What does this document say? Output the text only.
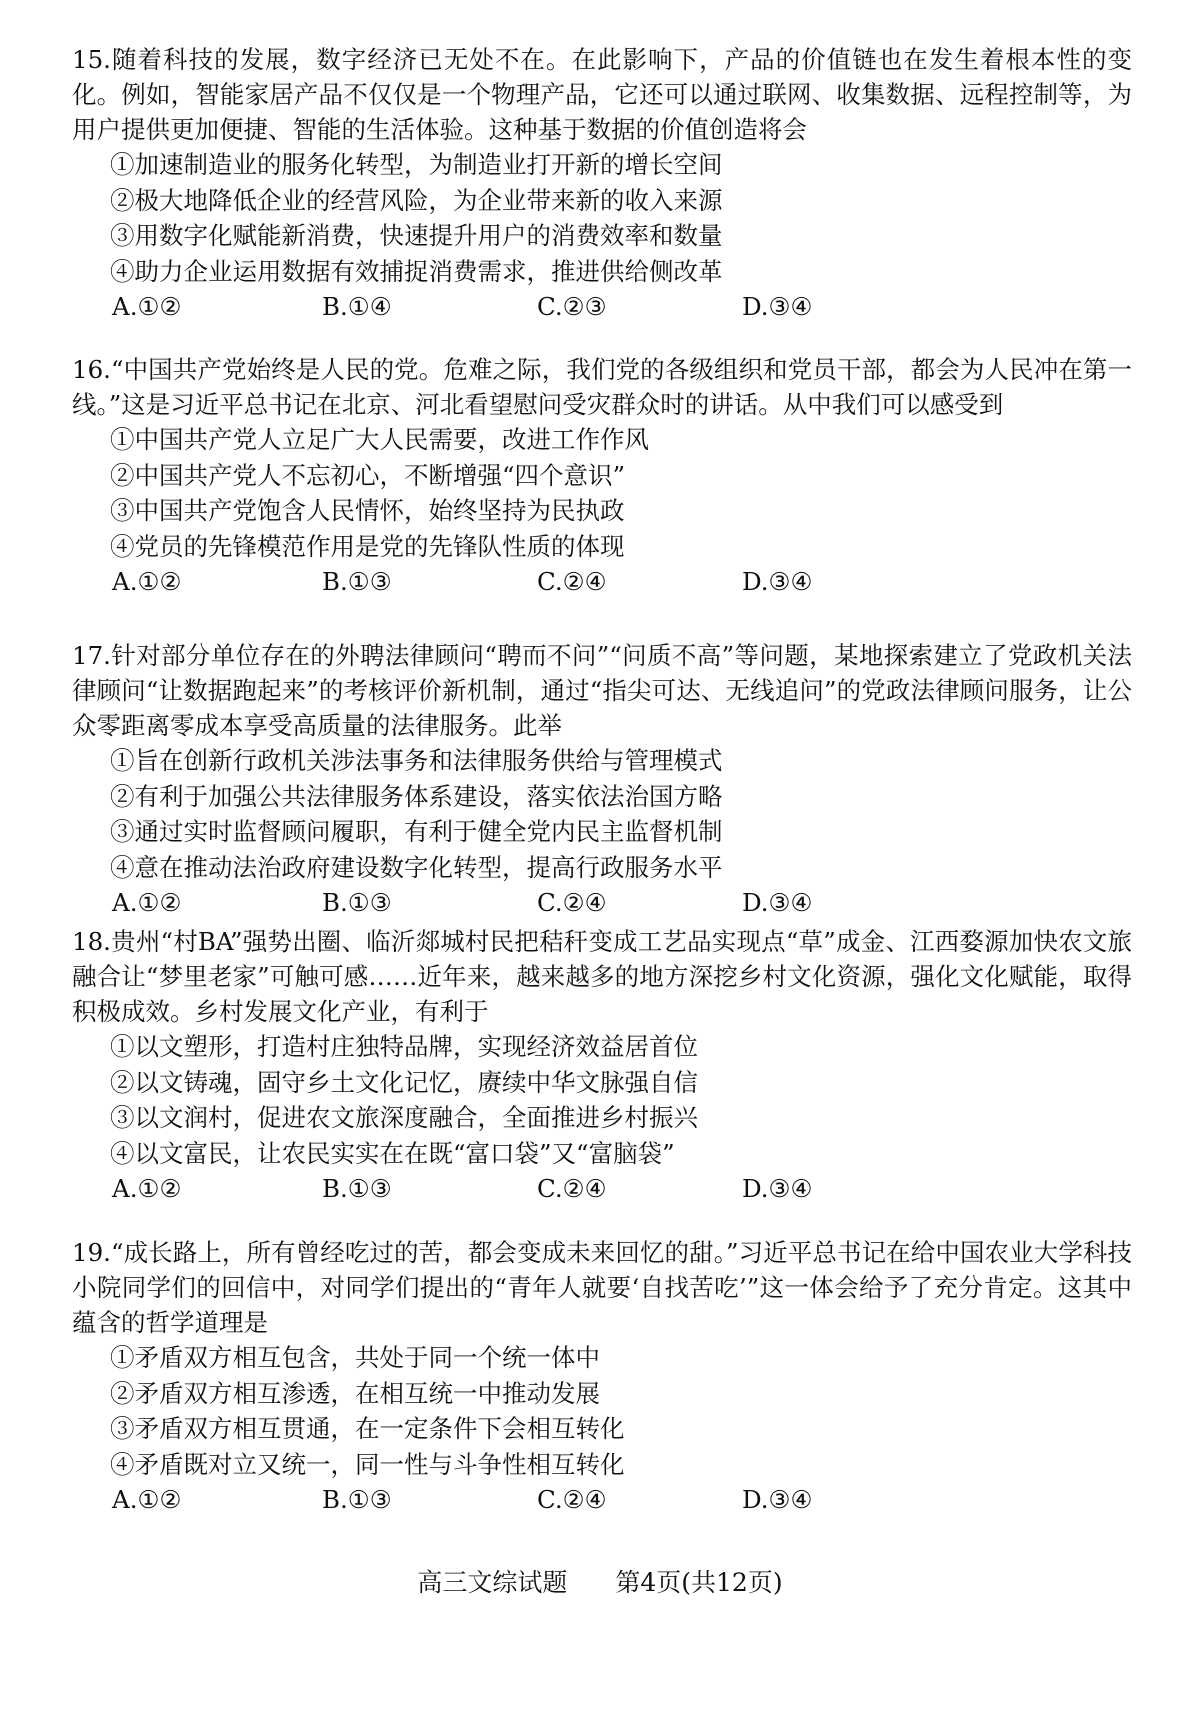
15.随着科技的发展，数字经济已无处不在。在此影响下，产品的价值链也在发生着根本性的变化。例如，智能家居产品不仅仅是一个物理产品，它还可以通过联网、收集数据、远程控制等，为用户提供更加便捷、智能的生活体验。这种基于数据的价值创造将会

①加速制造业的服务化转型，为制造业打开新的增长空间
②极大地降低企业的经营风险，为企业带来新的收入来源
③用数字化赋能新消费，快速提升用户的消费效率和数量
④助力企业运用数据有效捕捉消费需求，推进供给侧改革
A.①②	B.①④	C.②③	D.③④

16.“中国共产党始终是人民的党。危难之际，我们党的各级组织和党员干部，都会为人民冲在第一线。”这是习近平总书记在北京、河北看望慰问受灾群众时的讲话。从中我们可以感受到

①中国共产党人立足广大人民需要，改进工作作风
②中国共产党人不忘初心，不断增强“四个意识”
③中国共产党饱含人民情怀，始终坚持为民执政
④党员的先锋模范作用是党的先锋队性质的体现
A.①②	B.①③	C.②④	D.③④

17.针对部分单位存在的外聘法律顾问“聘而不问”“问质不高”等问题，某地探索建立了党政机关法律顾问“让数据跑起来”的考核评价新机制，通过“指尖可达、无线追问”的党政法律顾问服务，让公众零距离零成本享受高质量的法律服务。此举

①旨在创新行政机关涉法事务和法律服务供给与管理模式
②有利于加强公共法律服务体系建设，落实依法治国方略
③通过实时监督顾问履职，有利于健全党内民主监督机制
④意在推动法治政府建设数字化转型，提高行政服务水平
A.①②	B.①③	C.②④	D.③④

18.贵州“村BA”强势出圈、临沂郯城村民把秸秆变成工艺品实现点“草”成金、江西婺源加快农文旅融合让“梦里老家”可触可感……近年来，越来越多的地方深挖乡村文化资源，强化文化赋能，取得积极成效。乡村发展文化产业，有利于

①以文塑形，打造村庄独特品牌，实现经济效益居首位
②以文铸魂，固守乡土文化记忆，赓续中华文脉强自信
③以文润村，促进农文旅深度融合，全面推进乡村振兴
④以文富民，让农民实实在在既“富口袋”又“富脑袋”
A.①②	B.①③	C.②④	D.③④

19.“成长路上，所有曾经吃过的苦，都会变成未来回忆的甜。”习近平总书记在给中国农业大学科技小院同学们的回信中，对同学们提出的“青年人就要‘自找苦吃’”这一体会给予了充分肯定。这其中蕴含的哲学道理是

①矛盾双方相互包含，共处于同一个统一体中
②矛盾双方相互渗透，在相互统一中推动发展
③矛盾双方相互贯通，在一定条件下会相互转化
④矛盾既对立又统一，同一性与斗争性相互转化
A.①②	B.①③	C.②④	D.③④
高三文综试题 第4页(共12页)
